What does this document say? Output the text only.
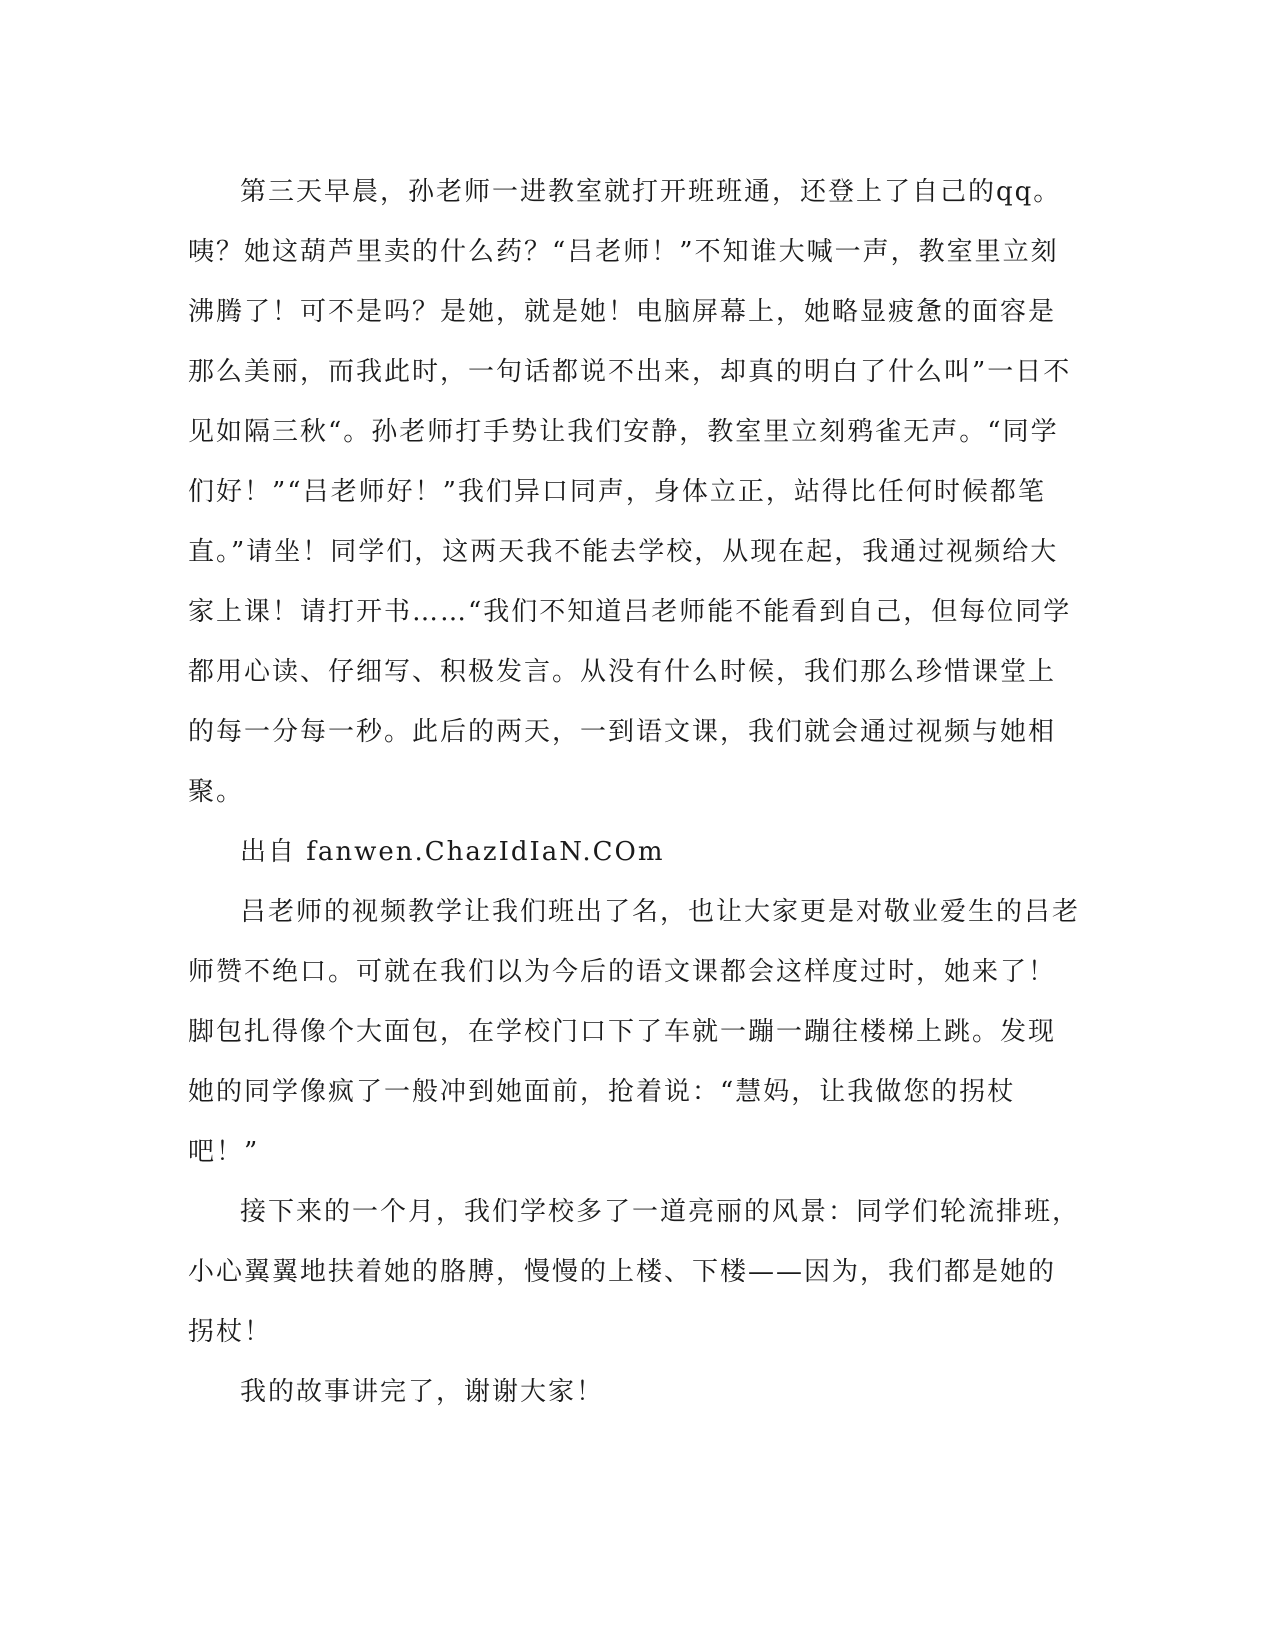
第三天早晨，孙老师一进教室就打开班班通，还登上了自己的qq。咦？她这葫芦里卖的什么药？“吕老师！”不知谁大喊一声，教室里立刻沸腾了！可不是吗？是她，就是她！电脑屏幕上，她略显疲惫的面容是那么美丽，而我此时，一句话都说不出来，却真的明白了什么叫”一日不见如隔三秋“。孙老师打手势让我们安静，教室里立刻鸦雀无声。“同学们好！”“吕老师好！”我们异口同声，身体立正，站得比任何时候都笔直。”请坐！同学们，这两天我不能去学校，从现在起，我通过视频给大家上课！请打开书……“我们不知道吕老师能不能看到自己，但每位同学都用心读、仔细写、积极发言。从没有什么时候，我们那么珍惜课堂上的每一分每一秒。此后的两天，一到语文课，我们就会通过视频与她相聚。

出自 fanwen.ChazIdIaN.COm

吕老师的视频教学让我们班出了名，也让大家更是对敬业爱生的吕老师赞不绝口。可就在我们以为今后的语文课都会这样度过时，她来了！脚包扎得像个大面包，在学校门口下了车就一蹦一蹦往楼梯上跳。发现她的同学像疯了一般冲到她面前，抢着说：“慧妈，让我做您的拐杖吧！”

接下来的一个月，我们学校多了一道亮丽的风景：同学们轮流排班，小心翼翼地扶着她的胳膊，慢慢的上楼、下楼——因为，我们都是她的拐杖！

我的故事讲完了，谢谢大家！
